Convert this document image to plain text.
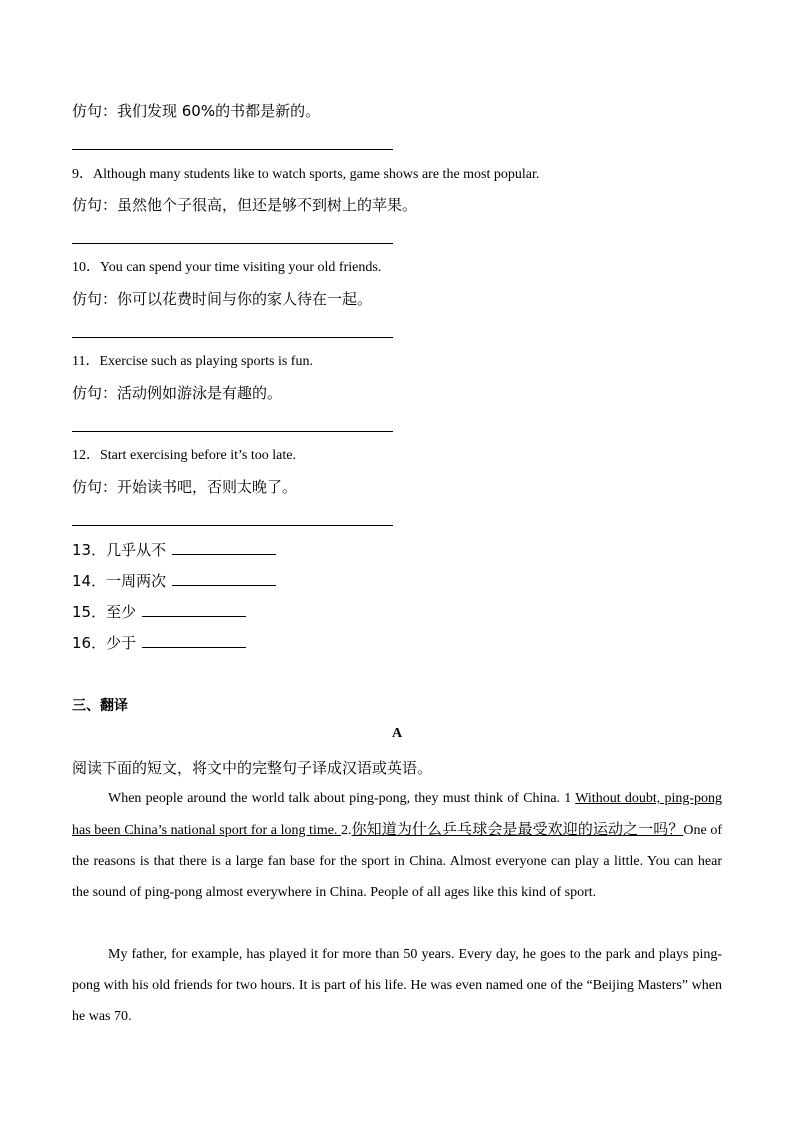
仿句：我们发现 60%的书都是新的。
9．Although many students like to watch sports, game shows are the most popular.
仿句：虽然他个子很高，但还是够不到树上的苹果。
10．You can spend your time visiting your old friends.
仿句：你可以花费时间与你的家人待在一起。
11．Exercise such as playing sports is fun.
仿句：活动例如游泳是有趣的。
12．Start exercising before it’s too late.
仿句：开始读书吧，否则太晚了。
13．几乎从不
14．一周两次
15．至少
16．少于
三、翻译
A
阅读下面的短文，将文中的完整句子译成汉语或英语。
When people around the world talk about ping-pong, they must think of China. 1 Without doubt, ping-pong has been China’s national sport for a long time. 2.你知道为什么乒乓球会是最受欢迎的运动之一吗？One of the reasons is that there is a large fan base for the sport in China. Almost everyone can play a little. You can hear the sound of ping-pong almost everywhere in China. People of all ages like this kind of sport.
My father, for example, has played it for more than 50 years. Every day, he goes to the park and plays ping-pong with his old friends for two hours. It is part of his life. He was even named one of the “Beijing Masters” when he was 70.
